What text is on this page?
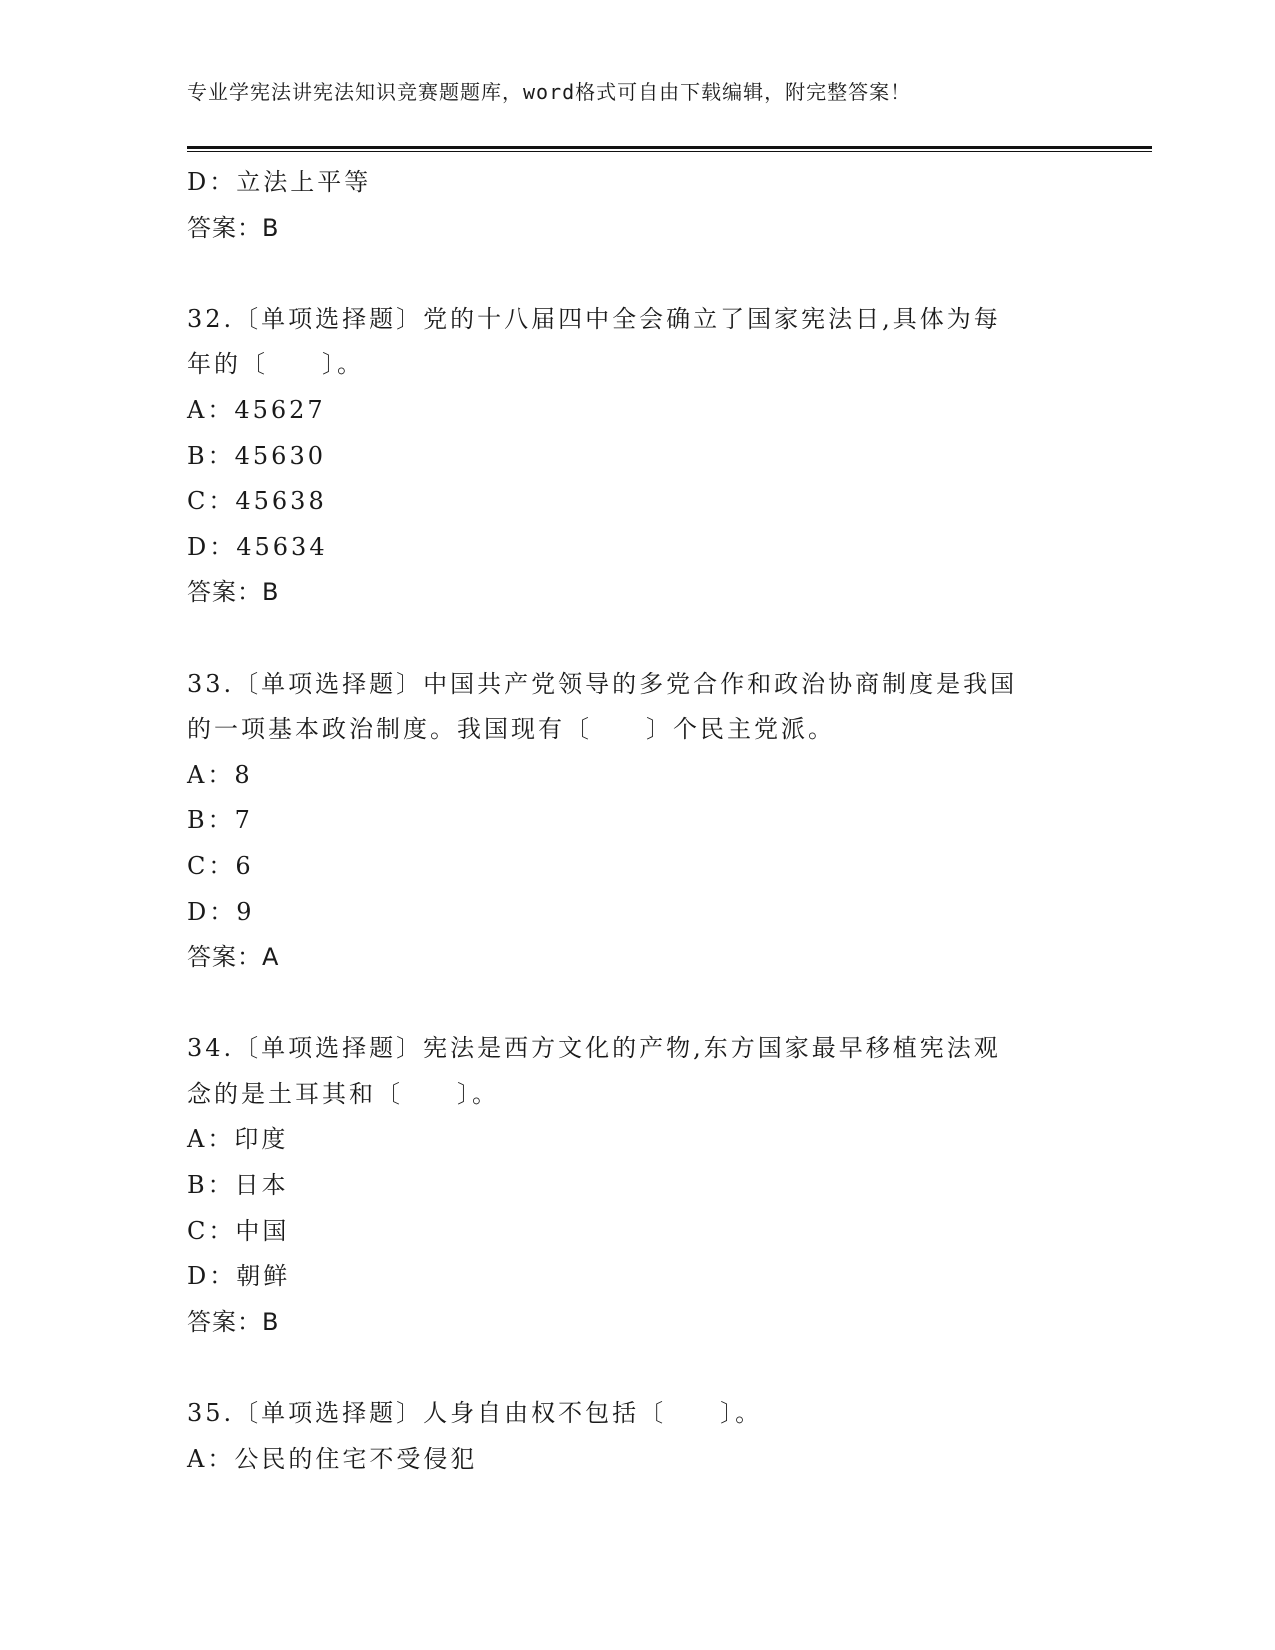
专业学宪法讲宪法知识竞赛题题库，word格式可自由下载编辑，附完整答案！
D：立法上平等
答案：B
32.〔单项选择题〕党的十八届四中全会确立了国家宪法日,具体为每
年的〔　　〕。
A：45627
B：45630
C：45638
D：45634
答案：B
33.〔单项选择题〕中国共产党领导的多党合作和政治协商制度是我国
的一项基本政治制度。我国现有〔　　〕个民主党派。
A：8
B：7
C：6
D：9
答案：A
34.〔单项选择题〕宪法是西方文化的产物,东方国家最早移植宪法观
念的是土耳其和〔　　〕。
A：印度
B：日本
C：中国
D：朝鲜
答案：B
35.〔单项选择题〕人身自由权不包括〔　　〕。
A：公民的住宅不受侵犯
